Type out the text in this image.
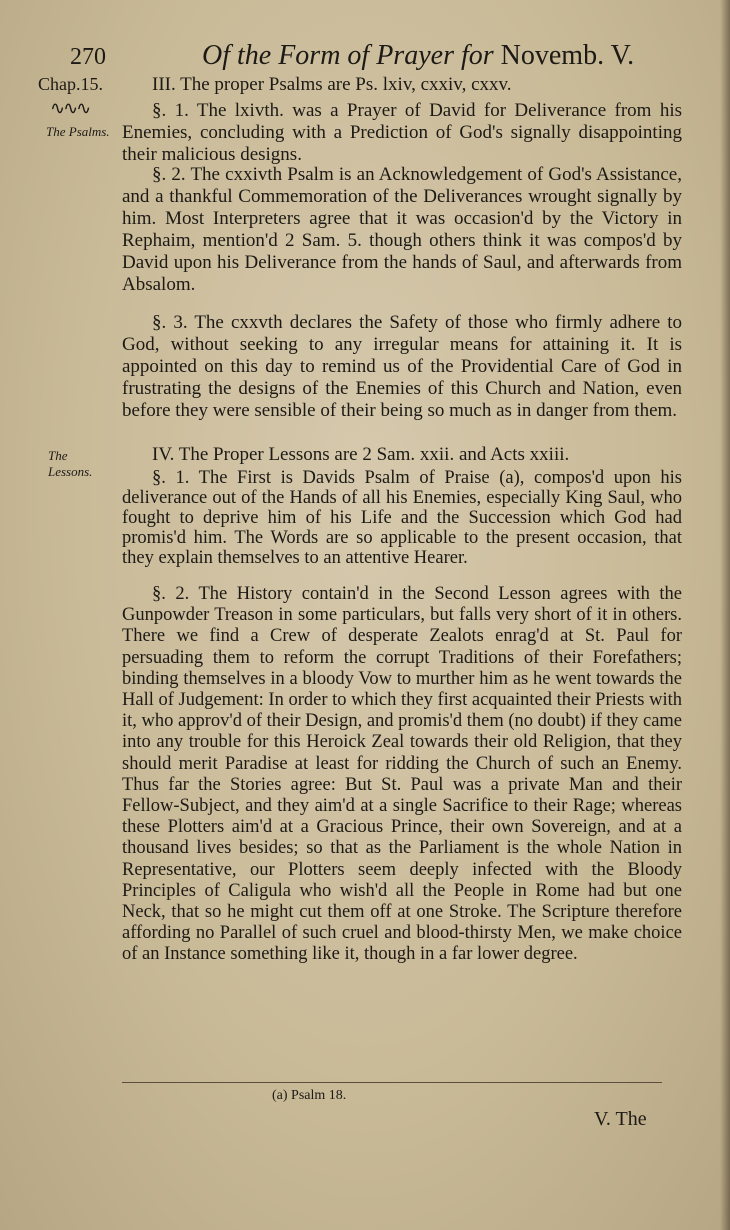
270	Of the Form of Prayer for Novemb. V.
Chap.15.
∿∿∿
The Psalms.
The Lessons.
III. The proper Psalms are Ps. lxiv, cxxiv, cxxv.
§. 1. The lxivth. was a Prayer of David for Deliverance from his Enemies, concluding with a Prediction of God's signally disappointing their malicious designs.
§. 2. The cxxivth Psalm is an Acknowledgement of God's Assistance, and a thankful Commemoration of the Deliverances wrought signally by him. Most Interpreters agree that it was occasion'd by the Victory in Rephaim, mention'd 2 Sam. 5. though others think it was compos'd by David upon his Deliverance from the hands of Saul, and afterwards from Absalom.
§. 3. The cxxvth declares the Safety of those who firmly adhere to God, without seeking to any irregular means for attaining it. It is appointed on this day to remind us of the Providential Care of God in frustrating the designs of the Enemies of this Church and Nation, even before they were sensible of their being so much as in danger from them.
IV. The Proper Lessons are 2 Sam. xxii. and Acts xxiii.
§. 1. The First is Davids Psalm of Praise (a), compos'd upon his deliverance out of the Hands of all his Enemies, especially King Saul, who fought to deprive him of his Life and the Succession which God had promis'd him. The Words are so applicable to the present occasion, that they explain themselves to an attentive Hearer.
§. 2. The History contain'd in the Second Lesson agrees with the Gunpowder Treason in some particulars, but falls very short of it in others. There we find a Crew of desperate Zealots enrag'd at St. Paul for persuading them to reform the corrupt Traditions of their Forefathers; binding themselves in a bloody Vow to murther him as he went towards the Hall of Judgement: In order to which they first acquainted their Priests with it, who approv'd of their Design, and promis'd them (no doubt) if they came into any trouble for this Heroick Zeal towards their old Religion, that they should merit Paradise at least for ridding the Church of such an Enemy. Thus far the Stories agree: But St. Paul was a private Man and their Fellow-Subject, and they aim'd at a single Sacrifice to their Rage; whereas these Plotters aim'd at a Gracious Prince, their own Sovereign, and at a thousand lives besides; so that as the Parliament is the whole Nation in Representative, our Plotters seem deeply infected with the Bloody Principles of Caligula who wish'd all the People in Rome had but one Neck, that so he might cut them off at one Stroke. The Scripture therefore affording no Parallel of such cruel and blood-thirsty Men, we make choice of an Instance something like it, though in a far lower degree.
(a) Psalm 18.
V. The
